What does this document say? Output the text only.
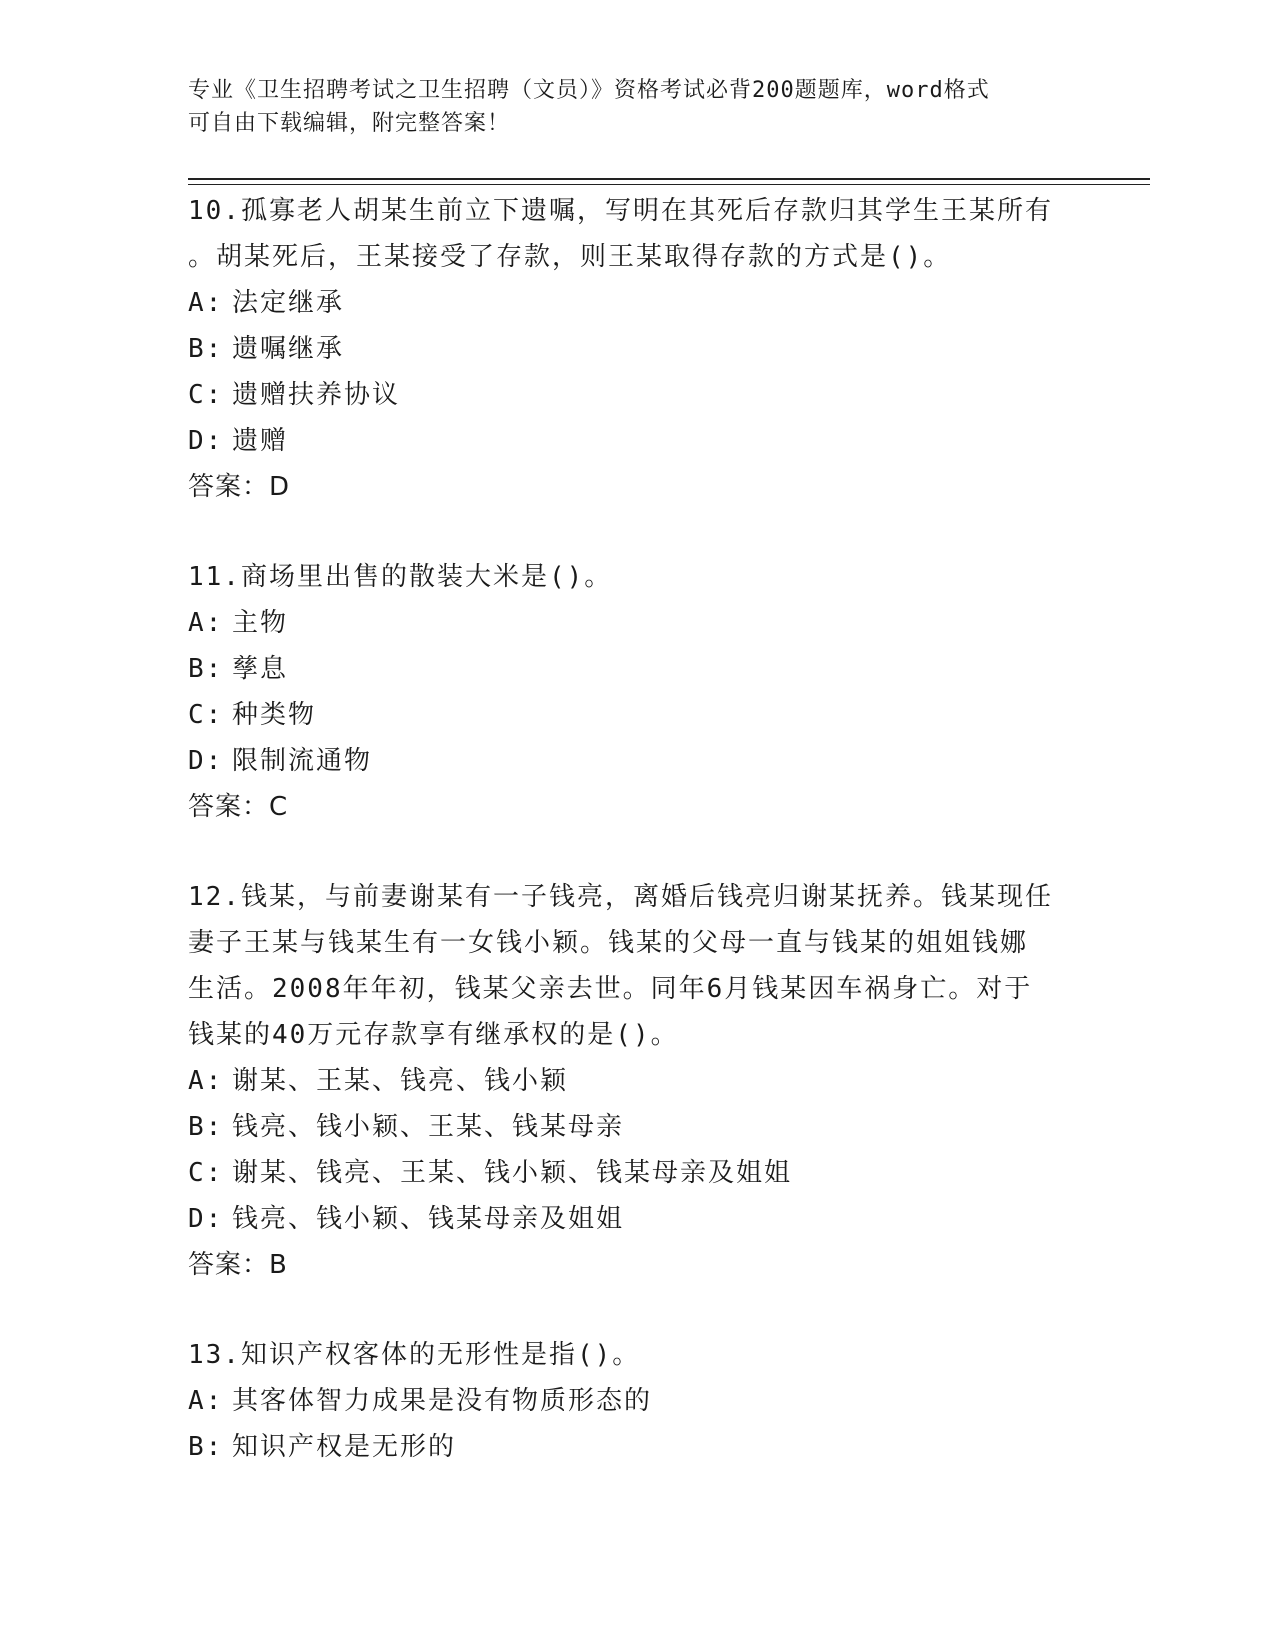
专业《卫生招聘考试之卫生招聘（文员）》资格考试必背200题题库，word格式
可自由下载编辑，附完整答案！
10.孤寡老人胡某生前立下遗嘱，写明在其死后存款归其学生王某所有
。胡某死后，王某接受了存款，则王某取得存款的方式是()。
A: 法定继承
B: 遗嘱继承
C: 遗赠扶养协议
D: 遗赠
答案：D
11.商场里出售的散装大米是()。
A: 主物
B: 孳息
C: 种类物
D: 限制流通物
答案：C
12.钱某，与前妻谢某有一子钱亮，离婚后钱亮归谢某抚养。钱某现任
妻子王某与钱某生有一女钱小颖。钱某的父母一直与钱某的姐姐钱娜
生活。2008年年初，钱某父亲去世。同年6月钱某因车祸身亡。对于
钱某的40万元存款享有继承权的是()。
A: 谢某、王某、钱亮、钱小颖
B: 钱亮、钱小颖、王某、钱某母亲
C: 谢某、钱亮、王某、钱小颖、钱某母亲及姐姐
D: 钱亮、钱小颖、钱某母亲及姐姐
答案：B
13.知识产权客体的无形性是指()。
A: 其客体智力成果是没有物质形态的
B: 知识产权是无形的
